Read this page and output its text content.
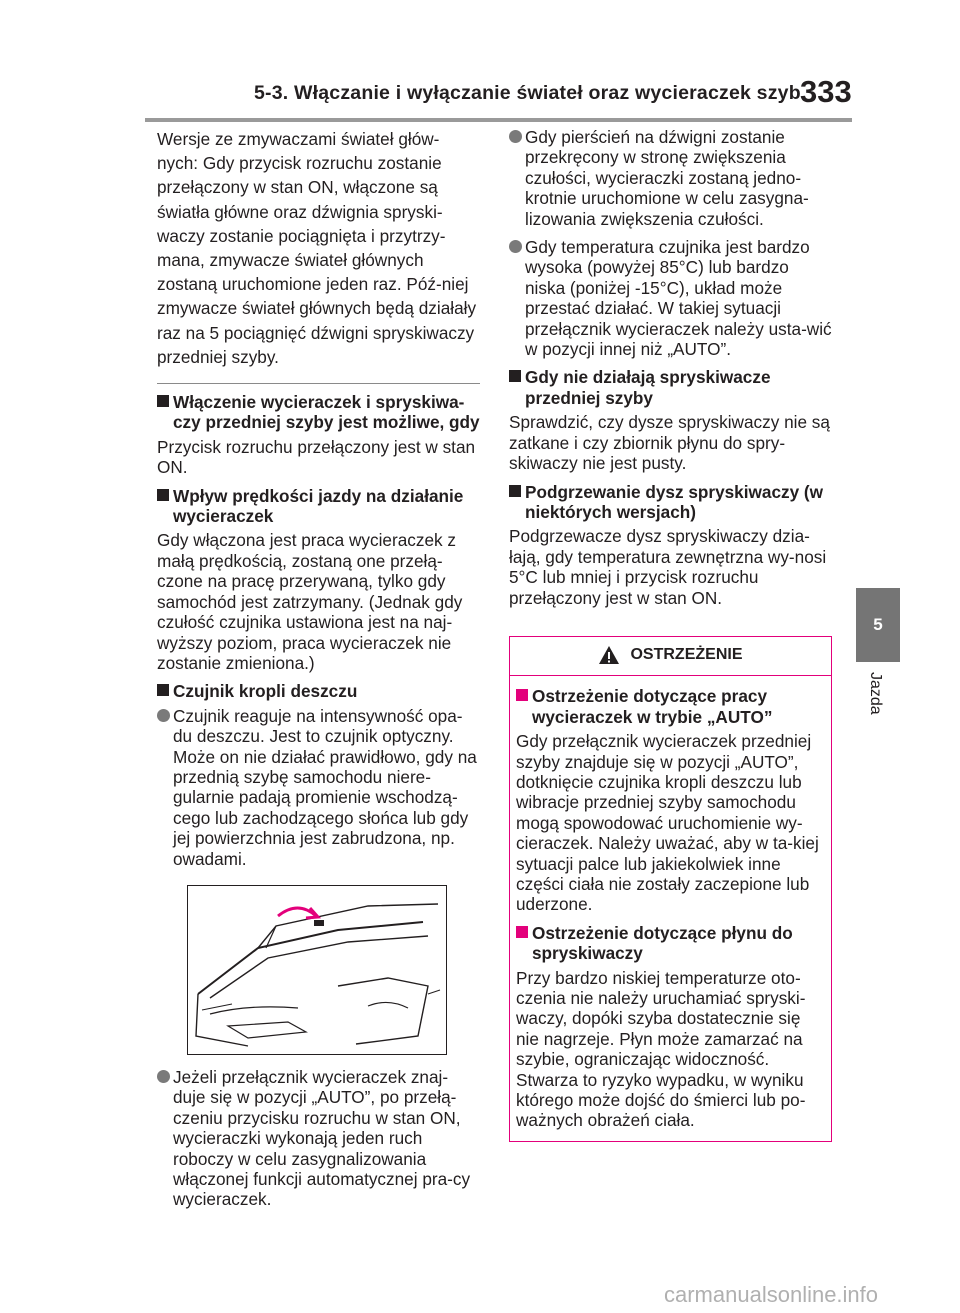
5-3. Włączanie i wyłączanie świateł oraz wycieraczek szyb 333
5
Jazda

Wersje ze zmywaczami świateł głów-nych: Gdy przycisk rozruchu zostanie przełączony w stan ON, włączone są światła główne oraz dźwignia spryski-waczy zostanie pociągnięta i przytrzy-mana, zmywacze świateł głównych zostaną uruchomione jeden raz. Póź-niej zmywacze świateł głównych będą działały raz na 5 pociągnięć dźwigni spryskiwaczy przedniej szyby.

Włączenie wycieraczek i spryskiwa-czy przedniej szyby jest możliwe, gdy

Przycisk rozruchu przełączony jest w stan ON.

Wpływ prędkości jazdy na działanie wycieraczek

Gdy włączona jest praca wycieraczek z małą prędkością, zostaną one przełą-czone na pracę przerywaną, tylko gdy samochód jest zatrzymany. (Jednak gdy czułość czujnika ustawiona jest na naj-wyższy poziom, praca wycieraczek nie zostanie zmieniona.)

Czujnik kropli deszczu
Czujnik reaguje na intensywność opa-du deszczu. Jest to czujnik optyczny. Może on nie działać prawidłowo, gdy na przednią szybę samochodu niere-gularnie padają promienie wschodzą-cego lub zachodzącego słońca lub gdy jej powierzchnia jest zabrudzona, np. owadami.
Jeżeli przełącznik wycieraczek znaj-duje się w pozycji „AUTO”, po przełą-czeniu przycisku rozruchu w stan ON, wycieraczki wykonają jeden ruch roboczy w celu zasygnalizowania włączonej funkcji automatycznej pra-cy wycieraczek.
Gdy pierścień na dźwigni zostanie przekręcony w stronę zwiększenia czułości, wycieraczki zostaną jedno-krotnie uruchomione w celu zasygna-lizowania zwiększenia czułości.
Gdy temperatura czujnika jest bardzo wysoka (powyżej 85°C) lub bardzo niska (poniżej -15°C), układ może przestać działać. W takiej sytuacji przełącznik wycieraczek należy usta-wić w pozycji innej niż „AUTO”.
Gdy nie działają spryskiwacze przedniej szyby

Sprawdzić, czy dysze spryskiwaczy nie są zatkane i czy zbiornik płynu do spry-skiwaczy nie jest pusty.

Podgrzewanie dysz spryskiwaczy (w niektórych wersjach)

Podgrzewacze dysz spryskiwaczy dzia-łają, gdy temperatura zewnętrzna wy-nosi 5°C lub mniej i przycisk rozruchu przełączony jest w stan ON.

OSTRZEŻENIE
Ostrzeżenie dotyczące pracy wycieraczek w trybie „AUTO”

Gdy przełącznik wycieraczek przedniej szyby znajduje się w pozycji „AUTO”, dotknięcie czujnika kropli deszczu lub wibracje przedniej szyby samochodu mogą spowodować uruchomienie wy-cieraczek. Należy uważać, aby w ta-kiej sytuacji palce lub jakiekolwiek inne części ciała nie zostały zaczepione lub uderzone.

Ostrzeżenie dotyczące płynu do spryskiwaczy

Przy bardzo niskiej temperaturze oto-czenia nie należy uruchamiać spryski-waczy, dopóki szyba dostatecznie się nie nagrzeje. Płyn może zamarzać na szybie, ograniczając widoczność. Stwarza to ryzyko wypadku, w wyniku którego może dojść do śmierci lub po-ważnych obrażeń ciała.

carmanualsonline.info
